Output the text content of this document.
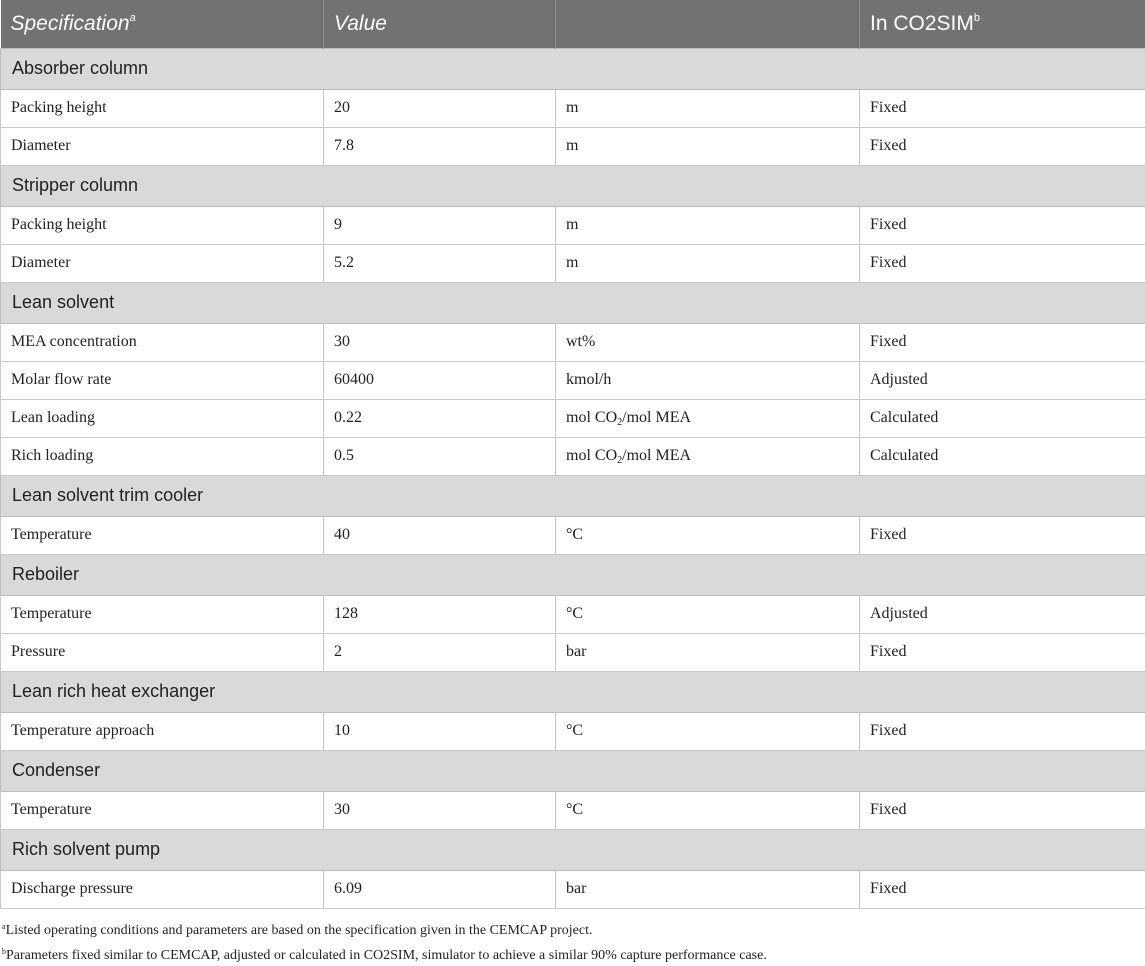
Specification$^a$	Value		In CO2SIM$^b$
Absorber column			
Packing height	20	m	Fixed
Diameter	7.8	m	Fixed
Stripper column			
Packing height	9	m	Fixed
Diameter	5.2	m	Fixed
Lean solvent			
MEA concentration	30	wt%	Fixed
Molar flow rate	60400	kmol/h	Adjusted
Lean loading	0.22	mol $CO_2$/mol MEA	Calculated
Rich loading	0.5	mol $CO_2$/mol MEA	Calculated
Lean solvent trim cooler			
Temperature	40	°C	Fixed
Reboiler			
Temperature	128	°C	Adjusted
Pressure	2	bar	Fixed
Lean rich heat exchanger			
Temperature approach	10	°C	Fixed
Condenser			
Temperature	30	°C	Fixed
Rich solvent pump			
Discharge pressure	6.09	bar	Fixed
$^a$Listed operating conditions and parameters are based on the specification given in the CEMCAP project.
$^b$Parameters fixed similar to CEMCAP, adjusted or calculated in CO2SIM, simulator to achieve a similar 90% capture performance case.
